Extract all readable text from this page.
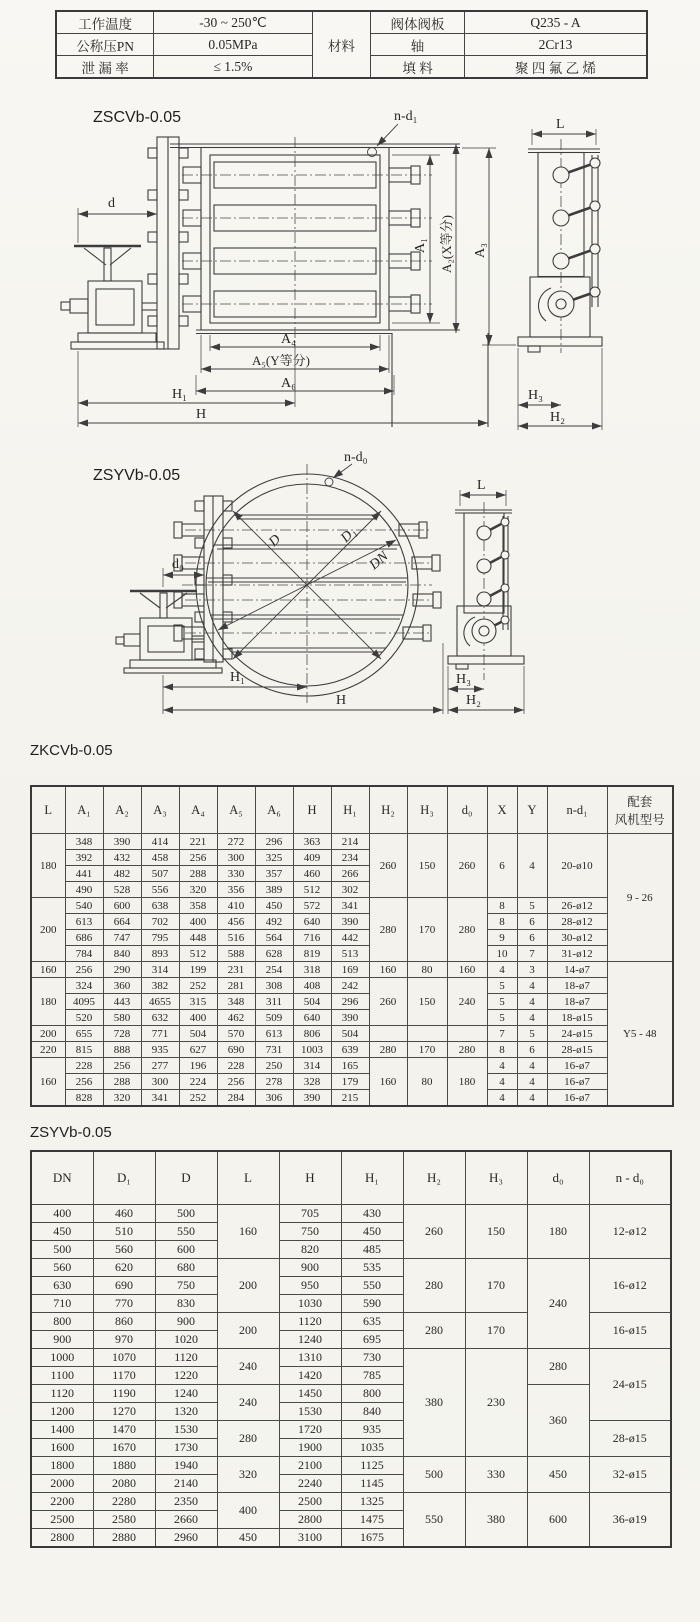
工作温度	-30 ~ 250℃	材料	阀体阀板	Q235 - A
公称压PN	0.05MPa		轴	2Cr13
泄 漏 率	≤ 1.5%		填 料	聚 四 氟 乙 烯
ZSCVb-0.05	n-d₁
d
A₁ A₂(X等分) A₃
A₄
A₅(Y等分)
A₆
H₁
H
L
H₃
H₂
ZSYVb-0.05
n-d₀
D	D₁
DN
d₀
H₁
H
L
H₃
H₂
ZKCVb-0.05
L	A₁	A₂	A₃	A₄	A₅	A₆	H	H₁	H₂	H₃	d₀	X	Y	n-d₁	配套
风机型号
180	348	390	414	221	272	296	363	214	260	150	260	6	4	20-ø10	9 - 26
	392	432	458	256	300	325	409	234							
	441	482	507	288	330	357	460	266							
	490	528	556	320	356	389	512	302							
200	540	600	638	358	410	450	572	341	280	170	280	8	5	26-ø12	
	613	664	702	400	456	492	640	390				8	6	28-ø12	
	686	747	795	448	516	564	716	442				9	6	30-ø12	
	784	840	893	512	588	628	819	513				10	7	31-ø12	
160	256	290	314	199	231	254	318	169	160	80	160	4	3	14-ø7	Y5 - 48
180	324	360	382	252	281	308	408	242	260	150	240	5	4	18-ø7	
	4095	443	4655	315	348	311	504	296				5	4	18-ø7	
	520	580	632	400	462	509	640	390				5	4	18-ø15	
200	655	728	771	504	570	613	806	504				7	5	24-ø15	
220	815	888	935	627	690	731	1003	639	280	170	280	8	6	28-ø15	
160	228	256	277	196	228	250	314	165	160	80	180	4	4	16-ø7	
	256	288	300	224	256	278	328	179				4	4	16-ø7	
	828	320	341	252	284	306	390	215				4	4	16-ø7	
ZSYVb-0.05
DN	D₁	D	L	H	H₁	H₂	H₃	d₀	n - d₀
400	460	500	160	705	430	260	150	180	12-ø12
450	510	550		750	450				
500	560	600		820	485				
560	620	680	200	900	535	280	170	240	16-ø12
630	690	750		950	550				
710	770	830		1030	590				
800	860	900	200	1120	635	280	170		16-ø15
900	970	1020		1240	695				
1000	1070	1120	240	1310	730	380	230	280	24-ø15
1100	1170	1220		1420	785				
1120	1190	1240	240	1450	800			360	
1200	1270	1320		1530	840				
1400	1470	1530	280	1720	935				28-ø15
1600	1670	1730		1900	1035				
1800	1880	1940	320	2100	1125	500	330	450	32-ø15
2000	2080	2140		2240	1145				
2200	2280	2350	400	2500	1325	550	380	600	36-ø19
2500	2580	2660		2800	1475				
2800	2880	2960	450	3100	1675				
